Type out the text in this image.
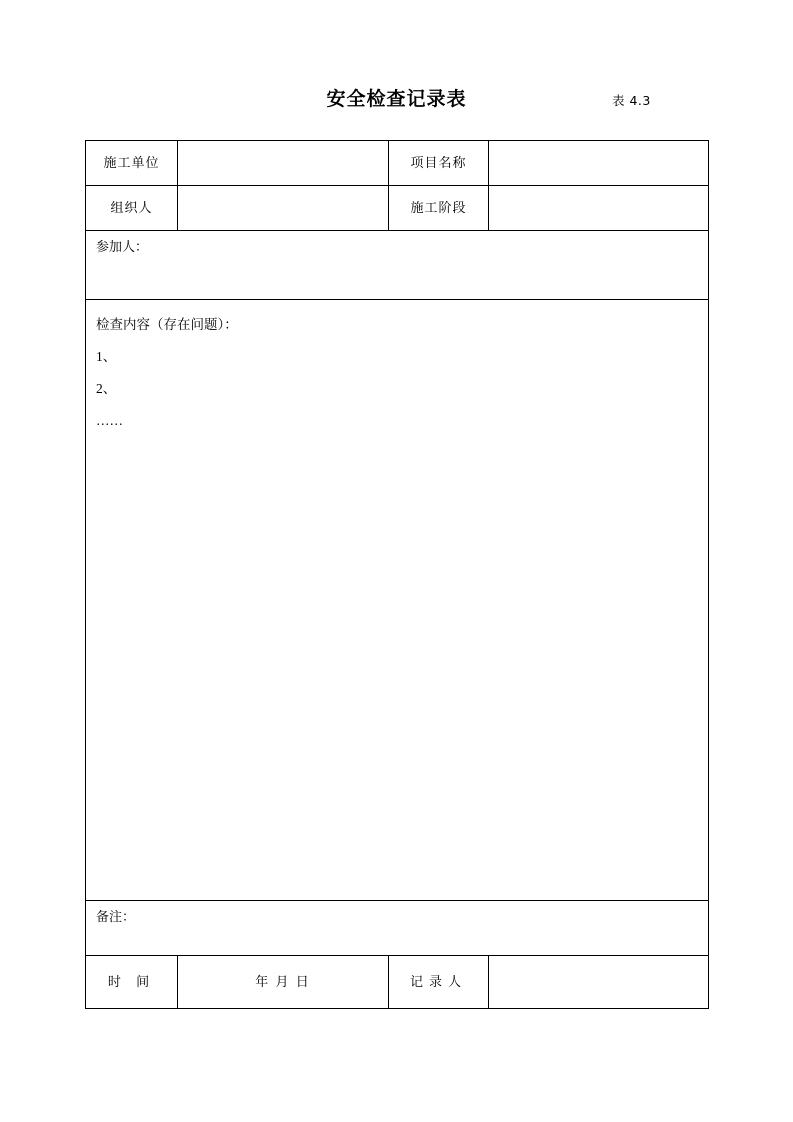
安全检查记录表	表 4.3
施工单位		项目名称	
组织人		施工阶段	
参加人：			

检查内容（存在问题）：
1、
2、
……			

备注：			
时 间	年 月 日	记录人	
